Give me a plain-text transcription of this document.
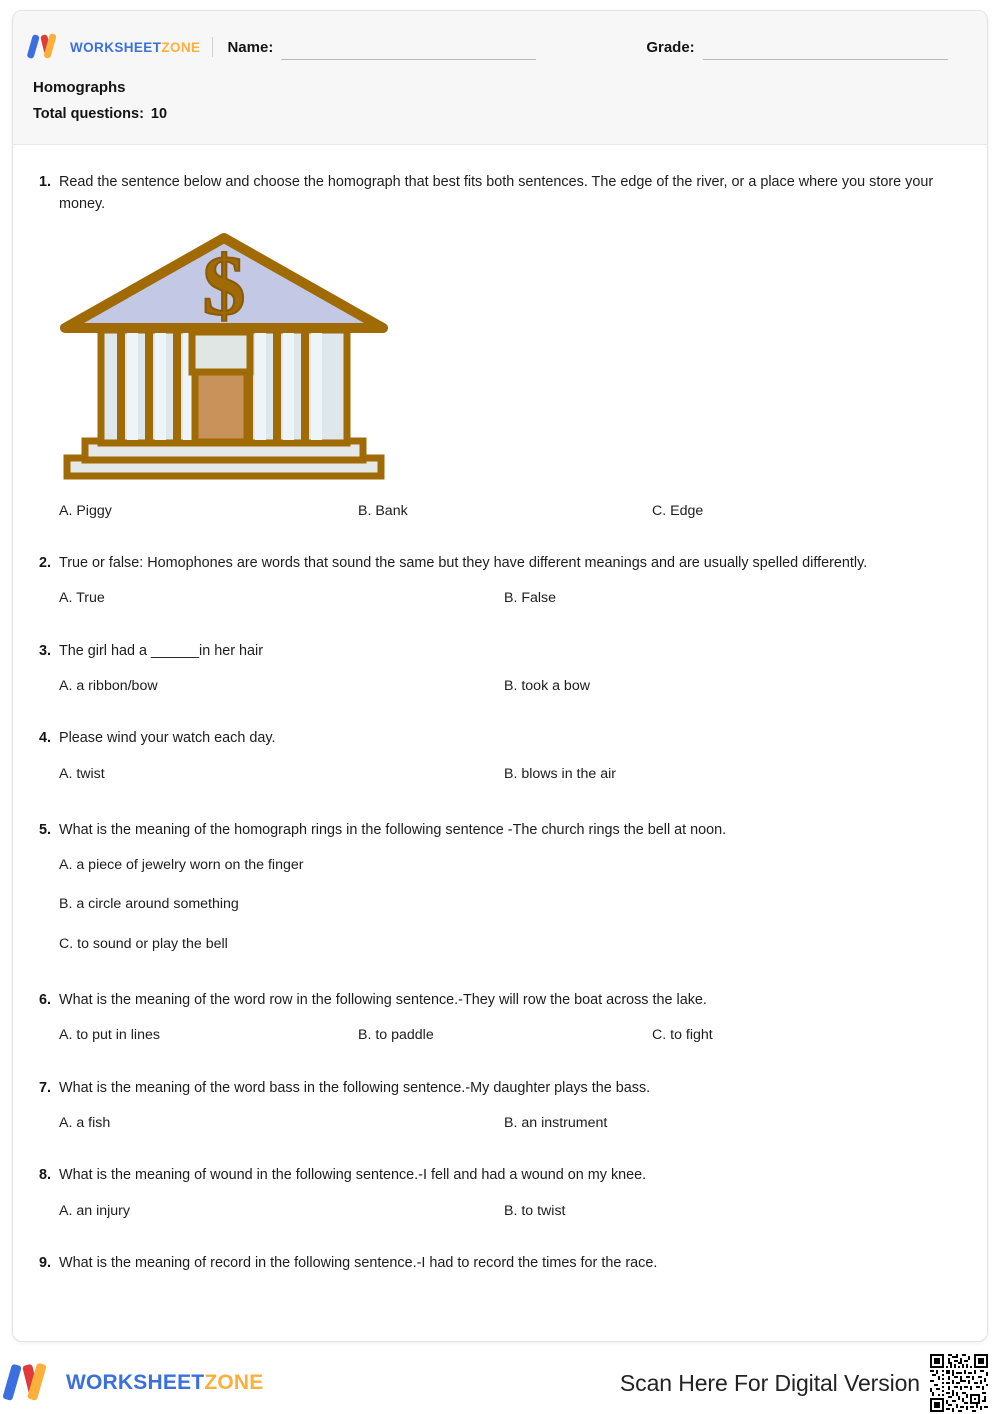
WORKSHEETZONE Name:	Grade:
Homographs
Total questions: 10
1. Read the sentence below and choose the homograph that best fits both sentences. The edge of the river, or a place where you store your money.

$
A. Piggy	B. Bank	C. Edge
2. True or false: Homophones are words that sound the same but they have different meanings and are usually spelled differently.

A. True	B. False
3. The girl had a ______in her hair

A. a ribbon/bow	B. took a bow
4. Please wind your watch each day.

A. twist	B. blows in the air
5. What is the meaning of the homograph rings in the following sentence -The church rings the bell at noon.

A. a piece of jewelry worn on the finger
B. a circle around something
C. to sound or play the bell
6. What is the meaning of the word row in the following sentence.-They will row the boat across the lake.

A. to put in lines	B. to paddle	C. to fight
7. What is the meaning of the word bass in the following sentence.-My daughter plays the bass.

A. a fish	B. an instrument
8. What is the meaning of wound in the following sentence.-I fell and had a wound on my knee.

A. an injury	B. to twist
9. What is the meaning of record in the following sentence.-I had to record the times for the race.

WORKSHEETZONE	Scan Here For Digital Version
